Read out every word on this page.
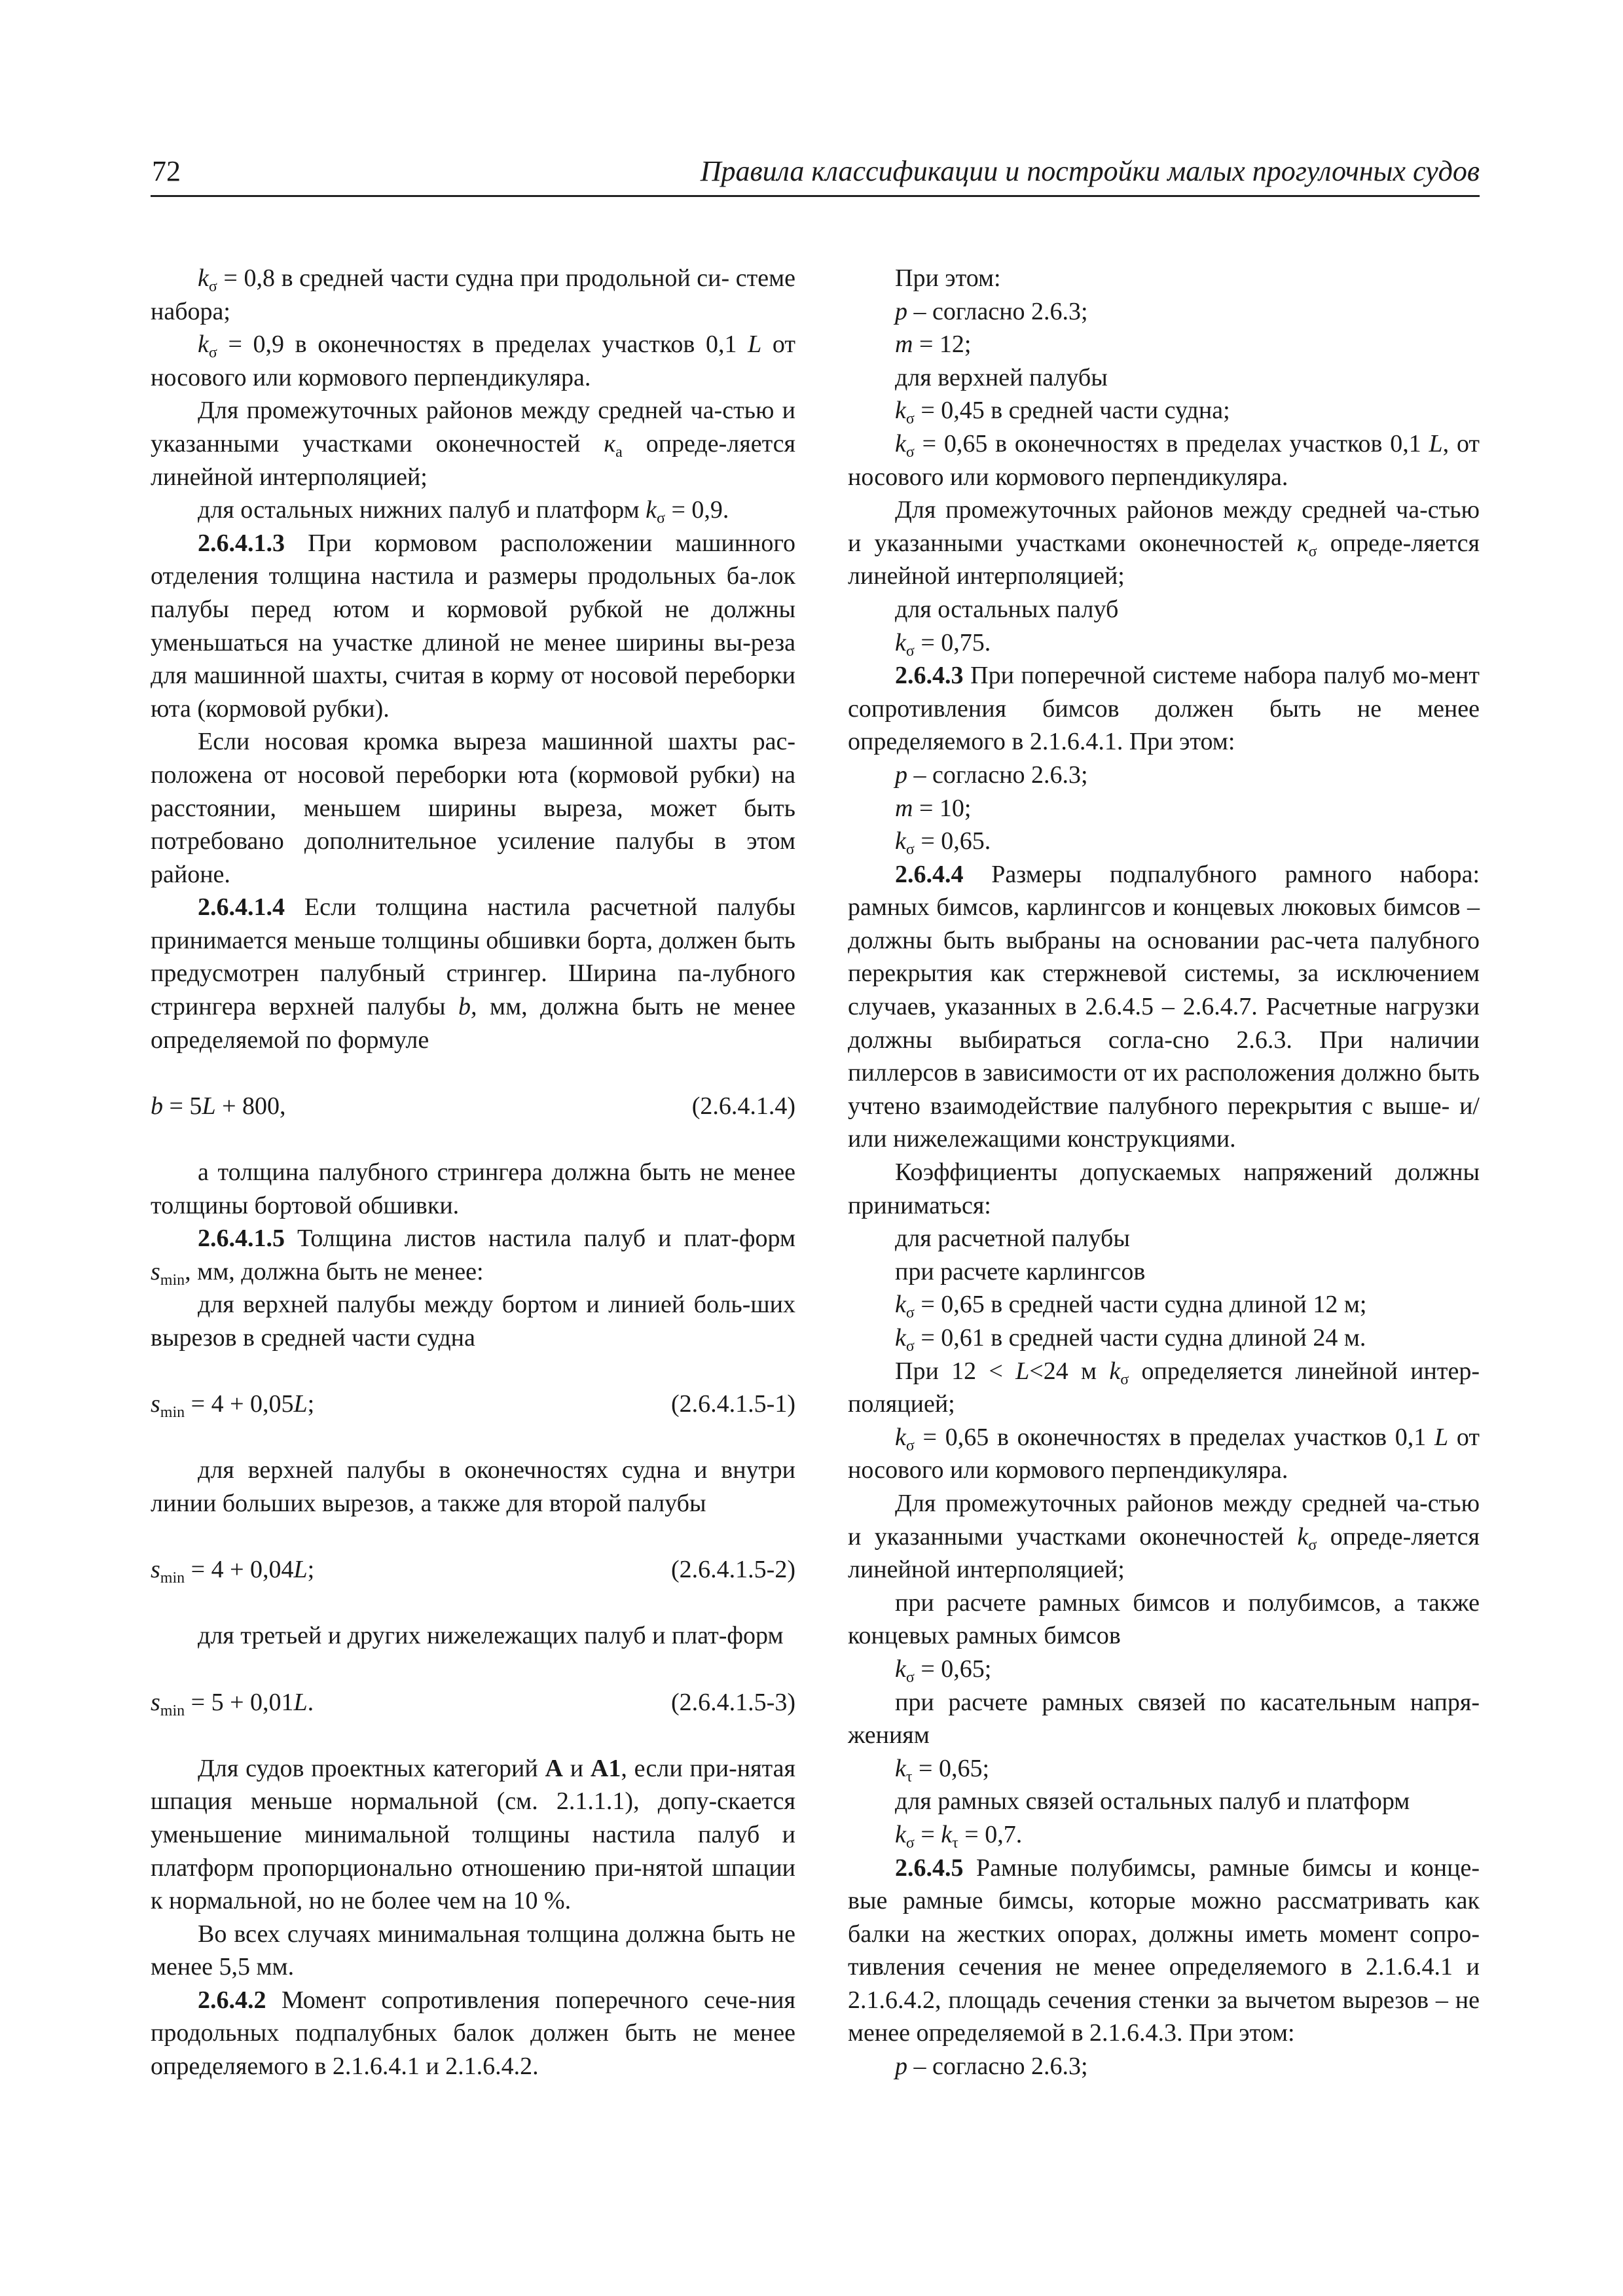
72	Правила классификации и постройки малых прогулочных судов

$k_\sigma = 0,8$ в средней части судна при продольной си- стеме набора;

$k_\sigma = 0,9$ в оконечностях в пределах участков 0,1 L от носового или кормового перпендикуляра.

Для промежуточных районов между средней ча-стью и указанными участками оконечностей $к_a$ опреде-ляется линейной интерполяцией;

для остальных нижних палуб и платформ $k_\sigma = 0,9$.

2.6.4.1.3 При кормовом расположении машинного отделения толщина настила и размеры продольных ба-лок палубы перед ютом и кормовой рубкой не должны уменьшаться на участке длиной не менее ширины вы-реза для машинной шахты, считая в корму от носовой переборки юта (кормовой рубки).

Если носовая кромка выреза машинной шахты рас-положена от носовой переборки юта (кормовой рубки) на расстоянии, меньшем ширины выреза, может быть потребовано дополнительное усиление палубы в этом районе.

2.6.4.1.4 Если толщина настила расчетной палубы принимается меньше толщины обшивки борта, должен быть предусмотрен палубный стрингер. Ширина па-лубного стрингера верхней палубы b, мм, должна быть не менее определяемой по формуле

b = 5L + 800,	(2.6.4.1.4)

а толщина палубного стрингера должна быть не менее толщины бортовой обшивки.

2.6.4.1.5 Толщина листов настила палуб и плат-форм $s_{min}$, мм, должна быть не менее:

для верхней палубы между бортом и линией боль-ших вырезов в средней части судна

$s_{min} = 4 + 0,05L$;	(2.6.4.1.5-1)

для верхней палубы в оконечностях судна и внутри линии больших вырезов, а также для второй палубы

$s_{min} = 4 + 0,04L$;	(2.6.4.1.5-2)

для третьей и других нижележащих палуб и плат-форм

$s_{min} = 5 + 0,01L$.	(2.6.4.1.5-3)

Для судов проектных категорий A и A1, если при-нятая шпация меньше нормальной (см. 2.1.1.1), допу-скается уменьшение минимальной толщины настила палуб и платформ пропорционально отношению при-нятой шпации к нормальной, но не более чем на 10 %.

Во всех случаях минимальная толщина должна быть не менее 5,5 мм.

2.6.4.2 Момент сопротивления поперечного сече-ния продольных подпалубных балок должен быть не менее определяемого в 2.1.6.4.1 и 2.1.6.4.2.

При этом:

p – согласно 2.6.3;

m = 12;

для верхней палубы

$k_\sigma = 0,45$ в средней части судна;

$k_\sigma = 0,65$ в оконечностях в пределах участков 0,1 L, от носового или кормового перпендикуляра.

Для промежуточных районов между средней ча-стью и указанными участками оконечностей $к_\sigma$ опреде-ляется линейной интерполяцией;

для остальных палуб

$k_\sigma = 0,75$.

2.6.4.3 При поперечной системе набора палуб мо-мент сопротивления бимсов должен быть не менее определяемого в 2.1.6.4.1. При этом:

p – согласно 2.6.3;

m = 10;

$k_\sigma = 0,65$.

2.6.4.4 Размеры подпалубного рамного набора: рамных бимсов, карлингсов и концевых люковых бимсов – должны быть выбраны на основании рас-чета палубного перекрытия как стержневой системы, за исключением случаев, указанных в 2.6.4.5 – 2.6.4.7. Расчетные нагрузки должны выбираться согла-сно 2.6.3. При наличии пиллерсов в зависимости от их расположения должно быть учтено взаимодействие палубного перекрытия с выше- и/или нижележащими конструкциями.

Коэффициенты допускаемых напряжений должны приниматься:

для расчетной палубы

при расчете карлингсов

$k_\sigma = 0,65$ в средней части судна длиной 12 м;

$k_\sigma = 0,61$ в средней части судна длиной 24 м.

При 12 < L<24 м $k_\sigma$ определяется линейной интер-поляцией;

$k_\sigma = 0,65$ в оконечностях в пределах участков 0,1 L от носового или кормового перпендикуляра.

Для промежуточных районов между средней ча-стью и указанными участками оконечностей $k_\sigma$ опреде-ляется линейной интерполяцией;

при расчете рамных бимсов и полубимсов, а также концевых рамных бимсов

$k_\sigma = 0,65$;

при расчете рамных связей по касательным напря-жениям

$k_\tau = 0,65$;

для рамных связей остальных палуб и платформ

$k_\sigma = k_\tau = 0,7$.

2.6.4.5 Рамные полубимсы, рамные бимсы и конце-вые рамные бимсы, которые можно рассматривать как балки на жестких опорах, должны иметь момент сопро-тивления сечения не менее определяемого в 2.1.6.4.1 и 2.1.6.4.2, площадь сечения стенки за вычетом вырезов – не менее определяемой в 2.1.6.4.3. При этом:

p – согласно 2.6.3;
